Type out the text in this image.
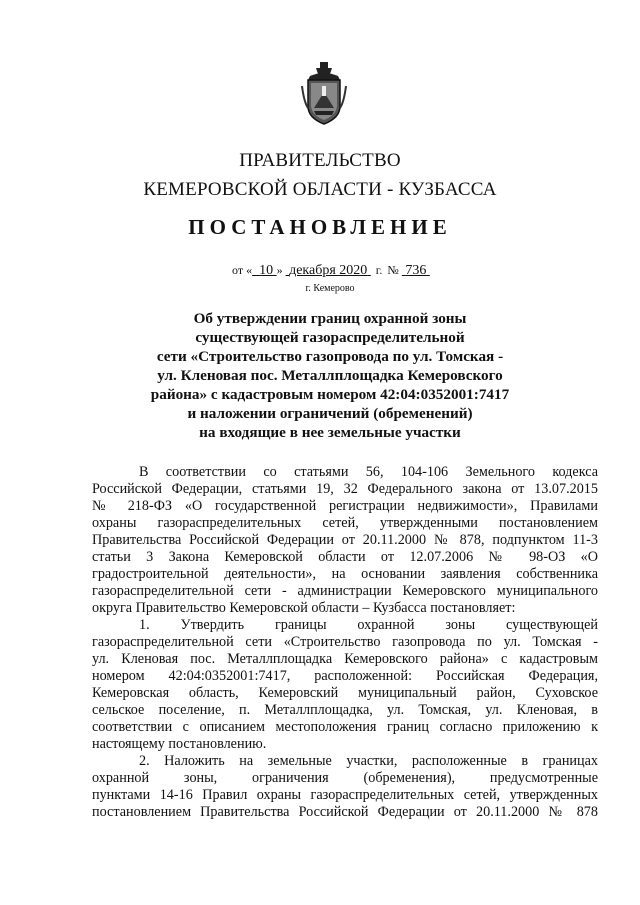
ПРАВИТЕЛЬСТВО
КЕМЕРОВСКОЙ ОБЛАСТИ - КУЗБАССА
ПОСТАНОВЛЕНИЕ
от « 10 » декабря 2020 г. № 736
г. Кемерово
Об утверждении границ охранной зоны
существующей газораспределительной
сети «Строительство газопровода по ул. Томская -
ул. Кленовая пос. Металлплощадка Кемеровского
района» с кадастровым номером 42:04:0352001:7417
и наложении ограничений (обременений)
на входящие в нее земельные участки
В соответствии со статьями 56, 104-106 Земельного кодекса
Российской Федерации, статьями 19, 32 Федерального закона от 13.07.2015
№ 218-ФЗ «О государственной регистрации недвижимости», Правилами
охраны газораспределительных сетей, утвержденными постановлением
Правительства Российской Федерации от 20.11.2000 № 878, подпунктом 11-3
статьи 3 Закона Кемеровской области от 12.07.2006 № 98-ОЗ «О
градостроительной деятельности», на основании заявления собственника
газораспределительной сети - администрации Кемеровского муниципального
округа Правительство Кемеровской области – Кузбасса постановляет:
1. Утвердить границы охранной зоны существующей
газораспределительной сети «Строительство газопровода по ул. Томская -
ул. Кленовая пос. Металлплощадка Кемеровского района» с кадастровым
номером 42:04:0352001:7417, расположенной: Российская Федерация,
Кемеровская область, Кемеровский муниципальный район, Суховское
сельское поселение, п. Металлплощадка, ул. Томская, ул. Кленовая, в
соответствии с описанием местоположения границ согласно приложению к
настоящему постановлению.
2. Наложить на земельные участки, расположенные в границах
охранной зоны, ограничения (обременения), предусмотренные
пунктами 14-16 Правил охраны газораспределительных сетей, утвержденных
постановлением Правительства Российской Федерации от 20.11.2000 № 878
